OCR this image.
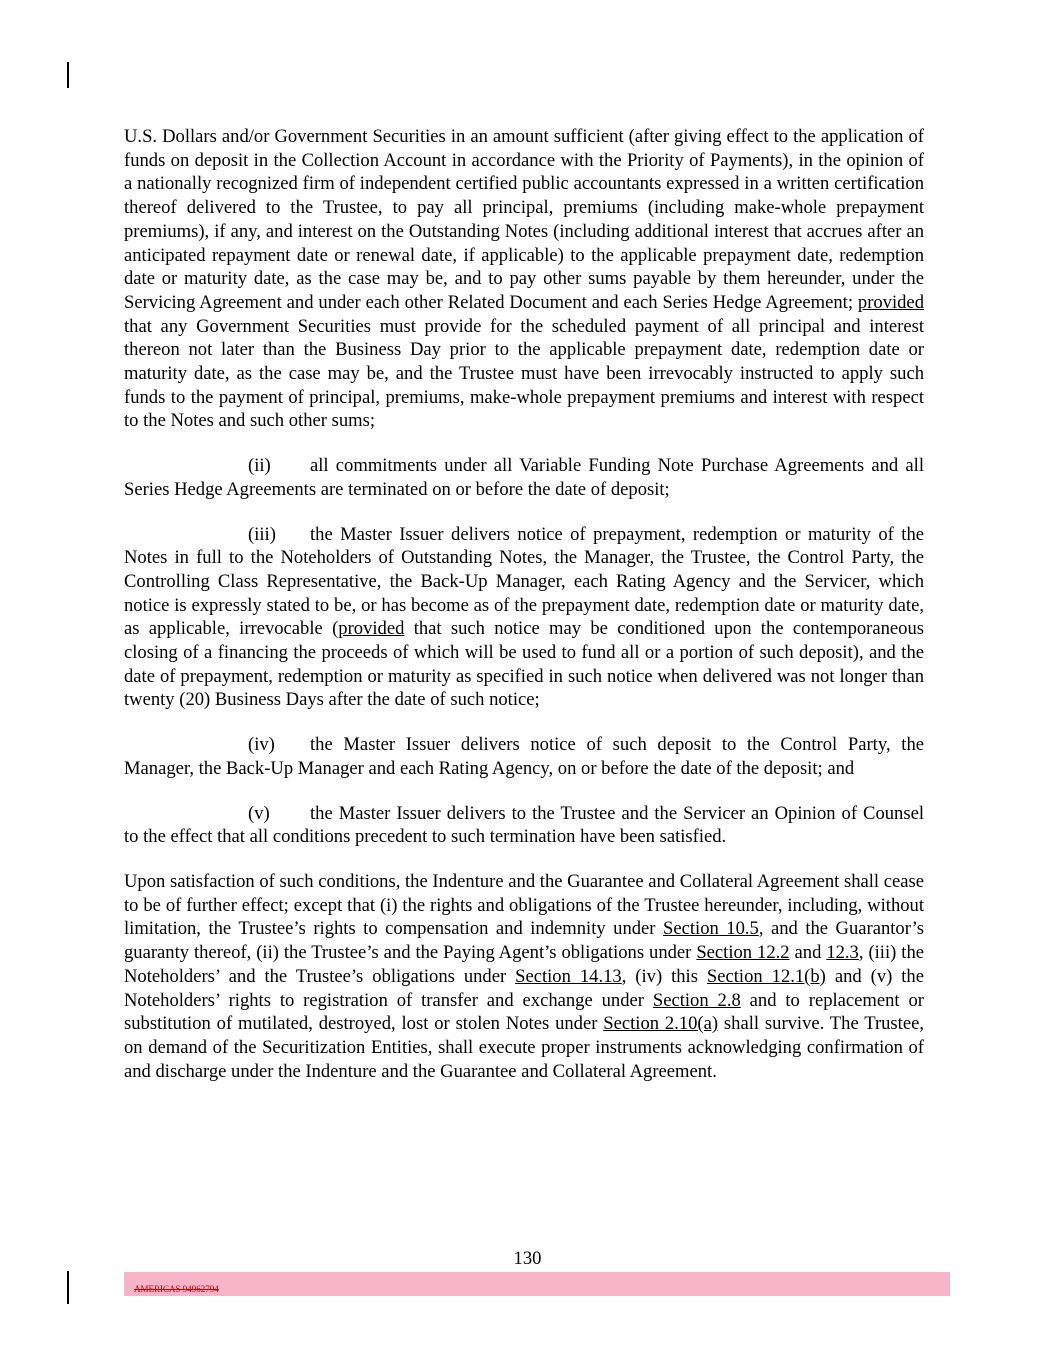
U.S. Dollars and/or Government Securities in an amount sufficient (after giving effect to the application of funds on deposit in the Collection Account in accordance with the Priority of Payments), in the opinion of a nationally recognized firm of independent certified public accountants expressed in a written certification thereof delivered to the Trustee, to pay all principal, premiums (including make-whole prepayment premiums), if any, and interest on the Outstanding Notes (including additional interest that accrues after an anticipated repayment date or renewal date, if applicable) to the applicable prepayment date, redemption date or maturity date, as the case may be, and to pay other sums payable by them hereunder, under the Servicing Agreement and under each other Related Document and each Series Hedge Agreement; provided that any Government Securities must provide for the scheduled payment of all principal and interest thereon not later than the Business Day prior to the applicable prepayment date, redemption date or maturity date, as the case may be, and the Trustee must have been irrevocably instructed to apply such funds to the payment of principal, premiums, make-whole prepayment premiums and interest with respect to the Notes and such other sums;

(ii) all commitments under all Variable Funding Note Purchase Agreements and all Series Hedge Agreements are terminated on or before the date of deposit;

(iii) the Master Issuer delivers notice of prepayment, redemption or maturity of the Notes in full to the Noteholders of Outstanding Notes, the Manager, the Trustee, the Control Party, the Controlling Class Representative, the Back-Up Manager, each Rating Agency and the Servicer, which notice is expressly stated to be, or has become as of the prepayment date, redemption date or maturity date, as applicable, irrevocable (provided that such notice may be conditioned upon the contemporaneous closing of a financing the proceeds of which will be used to fund all or a portion of such deposit), and the date of prepayment, redemption or maturity as specified in such notice when delivered was not longer than twenty (20) Business Days after the date of such notice;

(iv) the Master Issuer delivers notice of such deposit to the Control Party, the Manager, the Back-Up Manager and each Rating Agency, on or before the date of the deposit; and

(v) the Master Issuer delivers to the Trustee and the Servicer an Opinion of Counsel to the effect that all conditions precedent to such termination have been satisfied.

Upon satisfaction of such conditions, the Indenture and the Guarantee and Collateral Agreement shall cease to be of further effect; except that (i) the rights and obligations of the Trustee hereunder, including, without limitation, the Trustee’s rights to compensation and indemnity under Section 10.5, and the Guarantor’s guaranty thereof, (ii) the Trustee’s and the Paying Agent’s obligations under Section 12.2 and 12.3, (iii) the Noteholders’ and the Trustee’s obligations under Section 14.13, (iv) this Section 12.1(b) and (v) the Noteholders’ rights to registration of transfer and exchange under Section 2.8 and to replacement or substitution of mutilated, destroyed, lost or stolen Notes under Section 2.10(a) shall survive. The Trustee, on demand of the Securitization Entities, shall execute proper instruments acknowledging confirmation of and discharge under the Indenture and the Guarantee and Collateral Agreement.

130
AMERICAS 94962794
